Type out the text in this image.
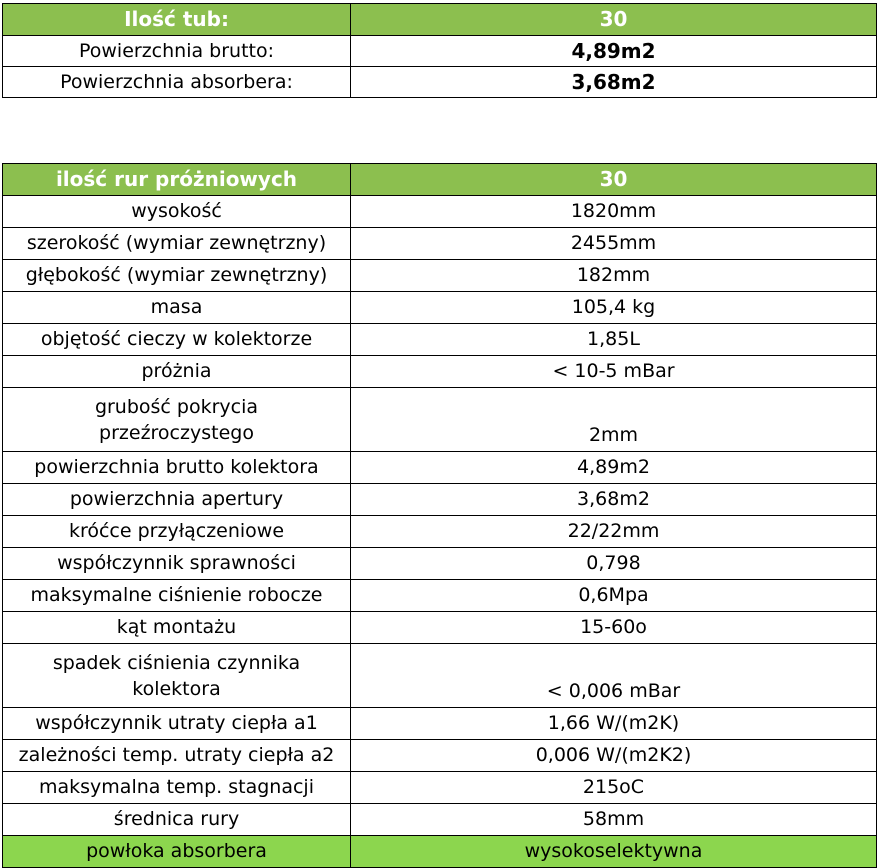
Ilość tub:	30
Powierzchnia brutto:	4,89m2
Powierzchnia absorbera:	3,68m2
ilość rur próżniowych	30
wysokość	1820mm
szerokość (wymiar zewnętrzny)	2455mm
głębokość (wymiar zewnętrzny)	182mm
masa	105,4 kg
objętość cieczy w kolektorze	1,85L
próżnia	< 10-5 mBar
grubość pokrycia
przeźroczystego	2mm
powierzchnia brutto kolektora	4,89m2
powierzchnia apertury	3,68m2
króćce przyłączeniowe	22/22mm
współczynnik sprawności	0,798
maksymalne ciśnienie robocze	0,6Mpa
kąt montażu	15-60o
spadek ciśnienia czynnika
kolektora	< 0,006 mBar
współczynnik utraty ciepła a1	1,66 W/(m2K)
zależności temp. utraty ciepła a2	0,006 W/(m2K2)
maksymalna temp. stagnacji	215oC
średnica rury	58mm
powłoka absorbera	wysokoselektywna
